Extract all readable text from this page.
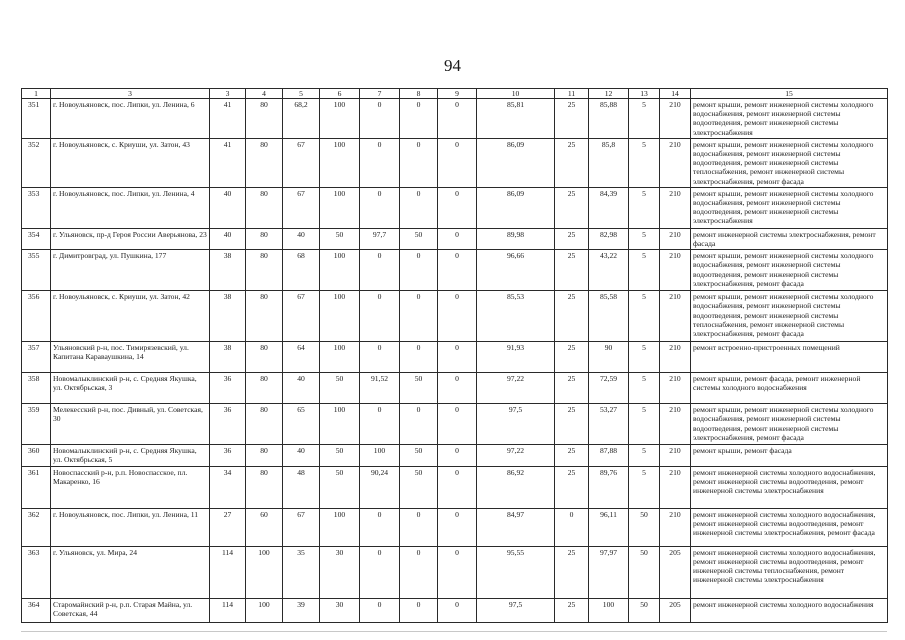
94
1	3	3	4	5	6	7	8	9	10	11	12	13	14	15
351	г. Новоульяновск, пос. Липки, ул. Ленина, 6	41	80	68,2	100	0	0	0	85,81	25	85,88	5	210	ремонт крыши, ремонт инженерной системы холодного водоснабжения, ремонт инженерной системы водоотведения, ремонт инженерной системы электроснабжения
352	г. Новоульяновск, с. Криуши, ул. Затон, 43	41	80	67	100	0	0	0	86,09	25	85,8	5	210	ремонт крыши, ремонт инженерной системы холодного водоснабжения, ремонт инженерной системы водоотведения, ремонт инженерной системы теплоснабжения, ремонт инженерной системы электроснабжения, ремонт фасада
353	г. Новоульяновск, пос. Липки, ул. Ленина, 4	40	80	67	100	0	0	0	86,09	25	84,39	5	210	ремонт крыши, ремонт инженерной системы холодного водоснабжения, ремонт инженерной системы водоотведения, ремонт инженерной системы электроснабжения
354	г. Ульяновск, пр-д Героя России Аверьянова, 23	40	80	40	50	97,7	50	0	89,98	25	82,98	5	210	ремонт инженерной системы электроснабжения, ремонт фасада
355	г. Димитровград, ул. Пушкина, 177	38	80	68	100	0	0	0	96,66	25	43,22	5	210	ремонт крыши, ремонт инженерной системы холодного водоснабжения, ремонт инженерной системы водоотведения, ремонт инженерной системы электроснабжения, ремонт фасада
356	г. Новоульяновск, с. Криуши, ул. Затон, 42	38	80	67	100	0	0	0	85,53	25	85,58	5	210	ремонт крыши, ремонт инженерной системы холодного водоснабжения, ремонт инженерной системы водоотведения, ремонт инженерной системы теплоснабжения, ремонт инженерной системы электроснабжения, ремонт фасада
357	Ульяновский р-н, пос. Тимирязевский, ул. Капитана Караваушкина, 14	38	80	64	100	0	0	0	91,93	25	90	5	210	ремонт встроенно-пристроенных помещений
358	Новомалыклинский р-н, с. Средняя Якушка, ул. Октябрьская, 3	36	80	40	50	91,52	50	0	97,22	25	72,59	5	210	ремонт крыши, ремонт фасада, ремонт инженерной системы холодного водоснабжения
359	Мелекесский р-н, пос. Дивный, ул. Советская, 30	36	80	65	100	0	0	0	97,5	25	53,27	5	210	ремонт крыши, ремонт инженерной системы холодного водоснабжения, ремонт инженерной системы водоотведения, ремонт инженерной системы электроснабжения, ремонт фасада
360	Новомалыклинский р-н, с. Средняя Якушка, ул. Октябрьская, 5	36	80	40	50	100	50	0	97,22	25	87,88	5	210	ремонт крыши, ремонт фасада
361	Новоспасский р-н, р.п. Новоспасское, пл. Макаренко, 16	34	80	48	50	90,24	50	0	86,92	25	89,76	5	210	ремонт инженерной системы холодного водоснабжения, ремонт инженерной системы водоотведения, ремонт инженерной системы электроснабжения
362	г. Новоульяновск, пос. Липки, ул. Ленина, 11	27	60	67	100	0	0	0	84,97	0	96,11	50	210	ремонт инженерной системы холодного водоснабжения, ремонт инженерной системы водоотведения, ремонт инженерной системы электроснабжения, ремонт фасада
363	г. Ульяновск, ул. Мира, 24	114	100	35	30	0	0	0	95,55	25	97,97	50	205	ремонт инженерной системы холодного водоснабжения, ремонт инженерной системы водоотведения, ремонт инженерной системы теплоснабжения, ремонт инженерной системы электроснабжения
364	Старомайнский р-н, р.п. Старая Майна, ул. Советская, 44	114	100	39	30	0	0	0	97,5	25	100	50	205	ремонт инженерной системы холодного водоснабжения
